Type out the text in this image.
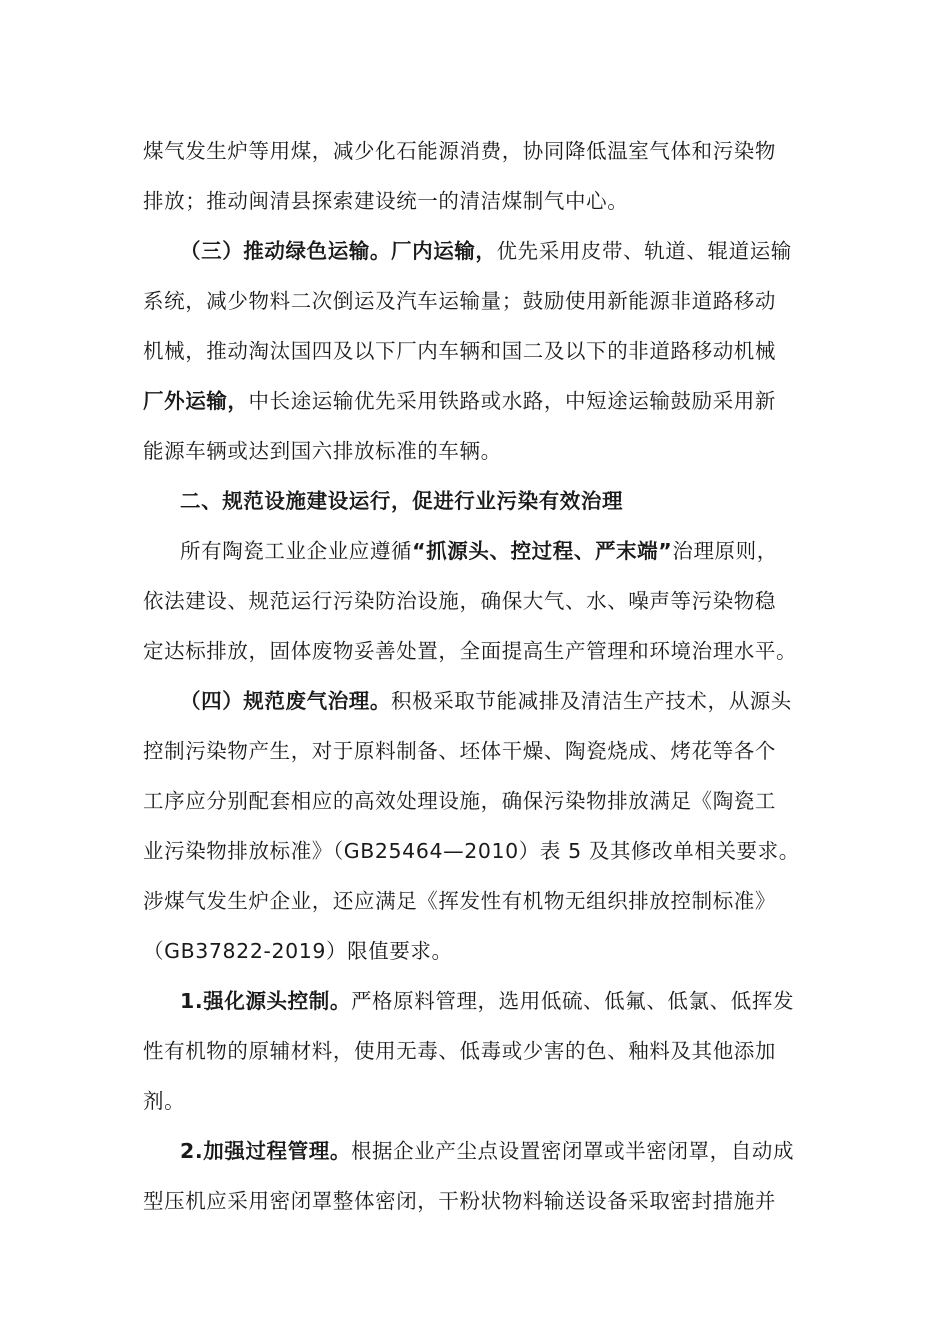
煤气发生炉等用煤，减少化石能源消费，协同降低温室气体和污染物
排放；推动闽清县探索建设统一的清洁煤制气中心。
（三）推动绿色运输。厂内运输，优先采用皮带、轨道、辊道运输
系统，减少物料二次倒运及汽车运输量；鼓励使用新能源非道路移动
机械，推动淘汰国四及以下厂内车辆和国二及以下的非道路移动机械
厂外运输，中长途运输优先采用铁路或水路，中短途运输鼓励采用新
能源车辆或达到国六排放标准的车辆。
二、规范设施建设运行，促进行业污染有效治理
所有陶瓷工业企业应遵循“抓源头、控过程、严末端”治理原则，
依法建设、规范运行污染防治设施，确保大气、水、噪声等污染物稳
定达标排放，固体废物妥善处置，全面提高生产管理和环境治理水平。
（四）规范废气治理。积极采取节能减排及清洁生产技术，从源头
控制污染物产生，对于原料制备、坯体干燥、陶瓷烧成、烤花等各个
工序应分别配套相应的高效处理设施，确保污染物排放满足《陶瓷工
业污染物排放标准》（GB25464—2010）表 5 及其修改单相关要求。
涉煤气发生炉企业，还应满足《挥发性有机物无组织排放控制标准》
（GB37822-2019）限值要求。
1.强化源头控制。严格原料管理，选用低硫、低氟、低氯、低挥发
性有机物的原辅材料，使用无毒、低毒或少害的色、釉料及其他添加
剂。
2.加强过程管理。根据企业产尘点设置密闭罩或半密闭罩，自动成
型压机应采用密闭罩整体密闭，干粉状物料输送设备采取密封措施并
